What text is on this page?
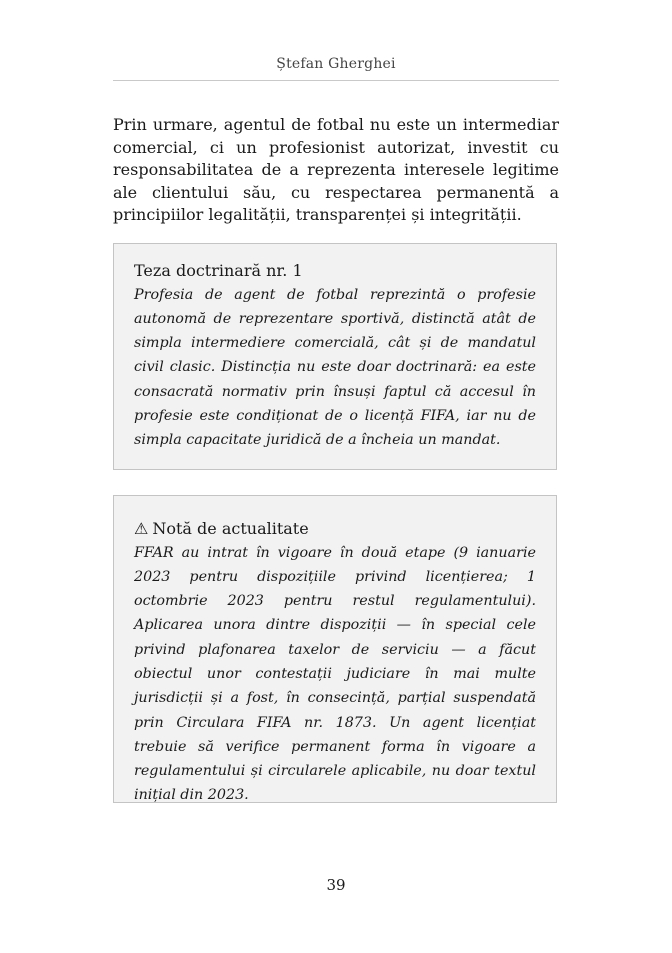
Ștefan Gherghei

Prin urmare, agentul de fotbal nu este un intermediar comercial, ci un profesionist autorizat, investit cu responsabilitatea de a reprezenta interesele legitime ale clientului său, cu respectarea permanentă a principiilor legalității, transparenței și integrității.

Teza doctrinară nr. 1

Profesia de agent de fotbal reprezintă o profesie autonomă de reprezentare sportivă, distinctă atât de simpla intermediere comercială, cât și de mandatul civil clasic. Distincția nu este doar doctrinară: ea este consacrată normativ prin însuși faptul că accesul în profesie este condiționat de o licență FIFA, iar nu de simpla capacitate juridică de a încheia un mandat.

⚠ Notă de actualitate

FFAR au intrat în vigoare în două etape (9 ianuarie 2023 pentru dispozițiile privind licențierea; 1 octombrie 2023 pentru restul regulamentului). Aplicarea unora dintre dispoziții — în special cele privind plafonarea taxelor de serviciu — a făcut obiectul unor contestații judiciare în mai multe jurisdicții și a fost, în consecință, parțial suspendată prin Circulara FIFA nr. 1873. Un agent licențiat trebuie să verifice permanent forma în vigoare a regulamentului și circularele aplicabile, nu doar textul inițial din 2023.

39
